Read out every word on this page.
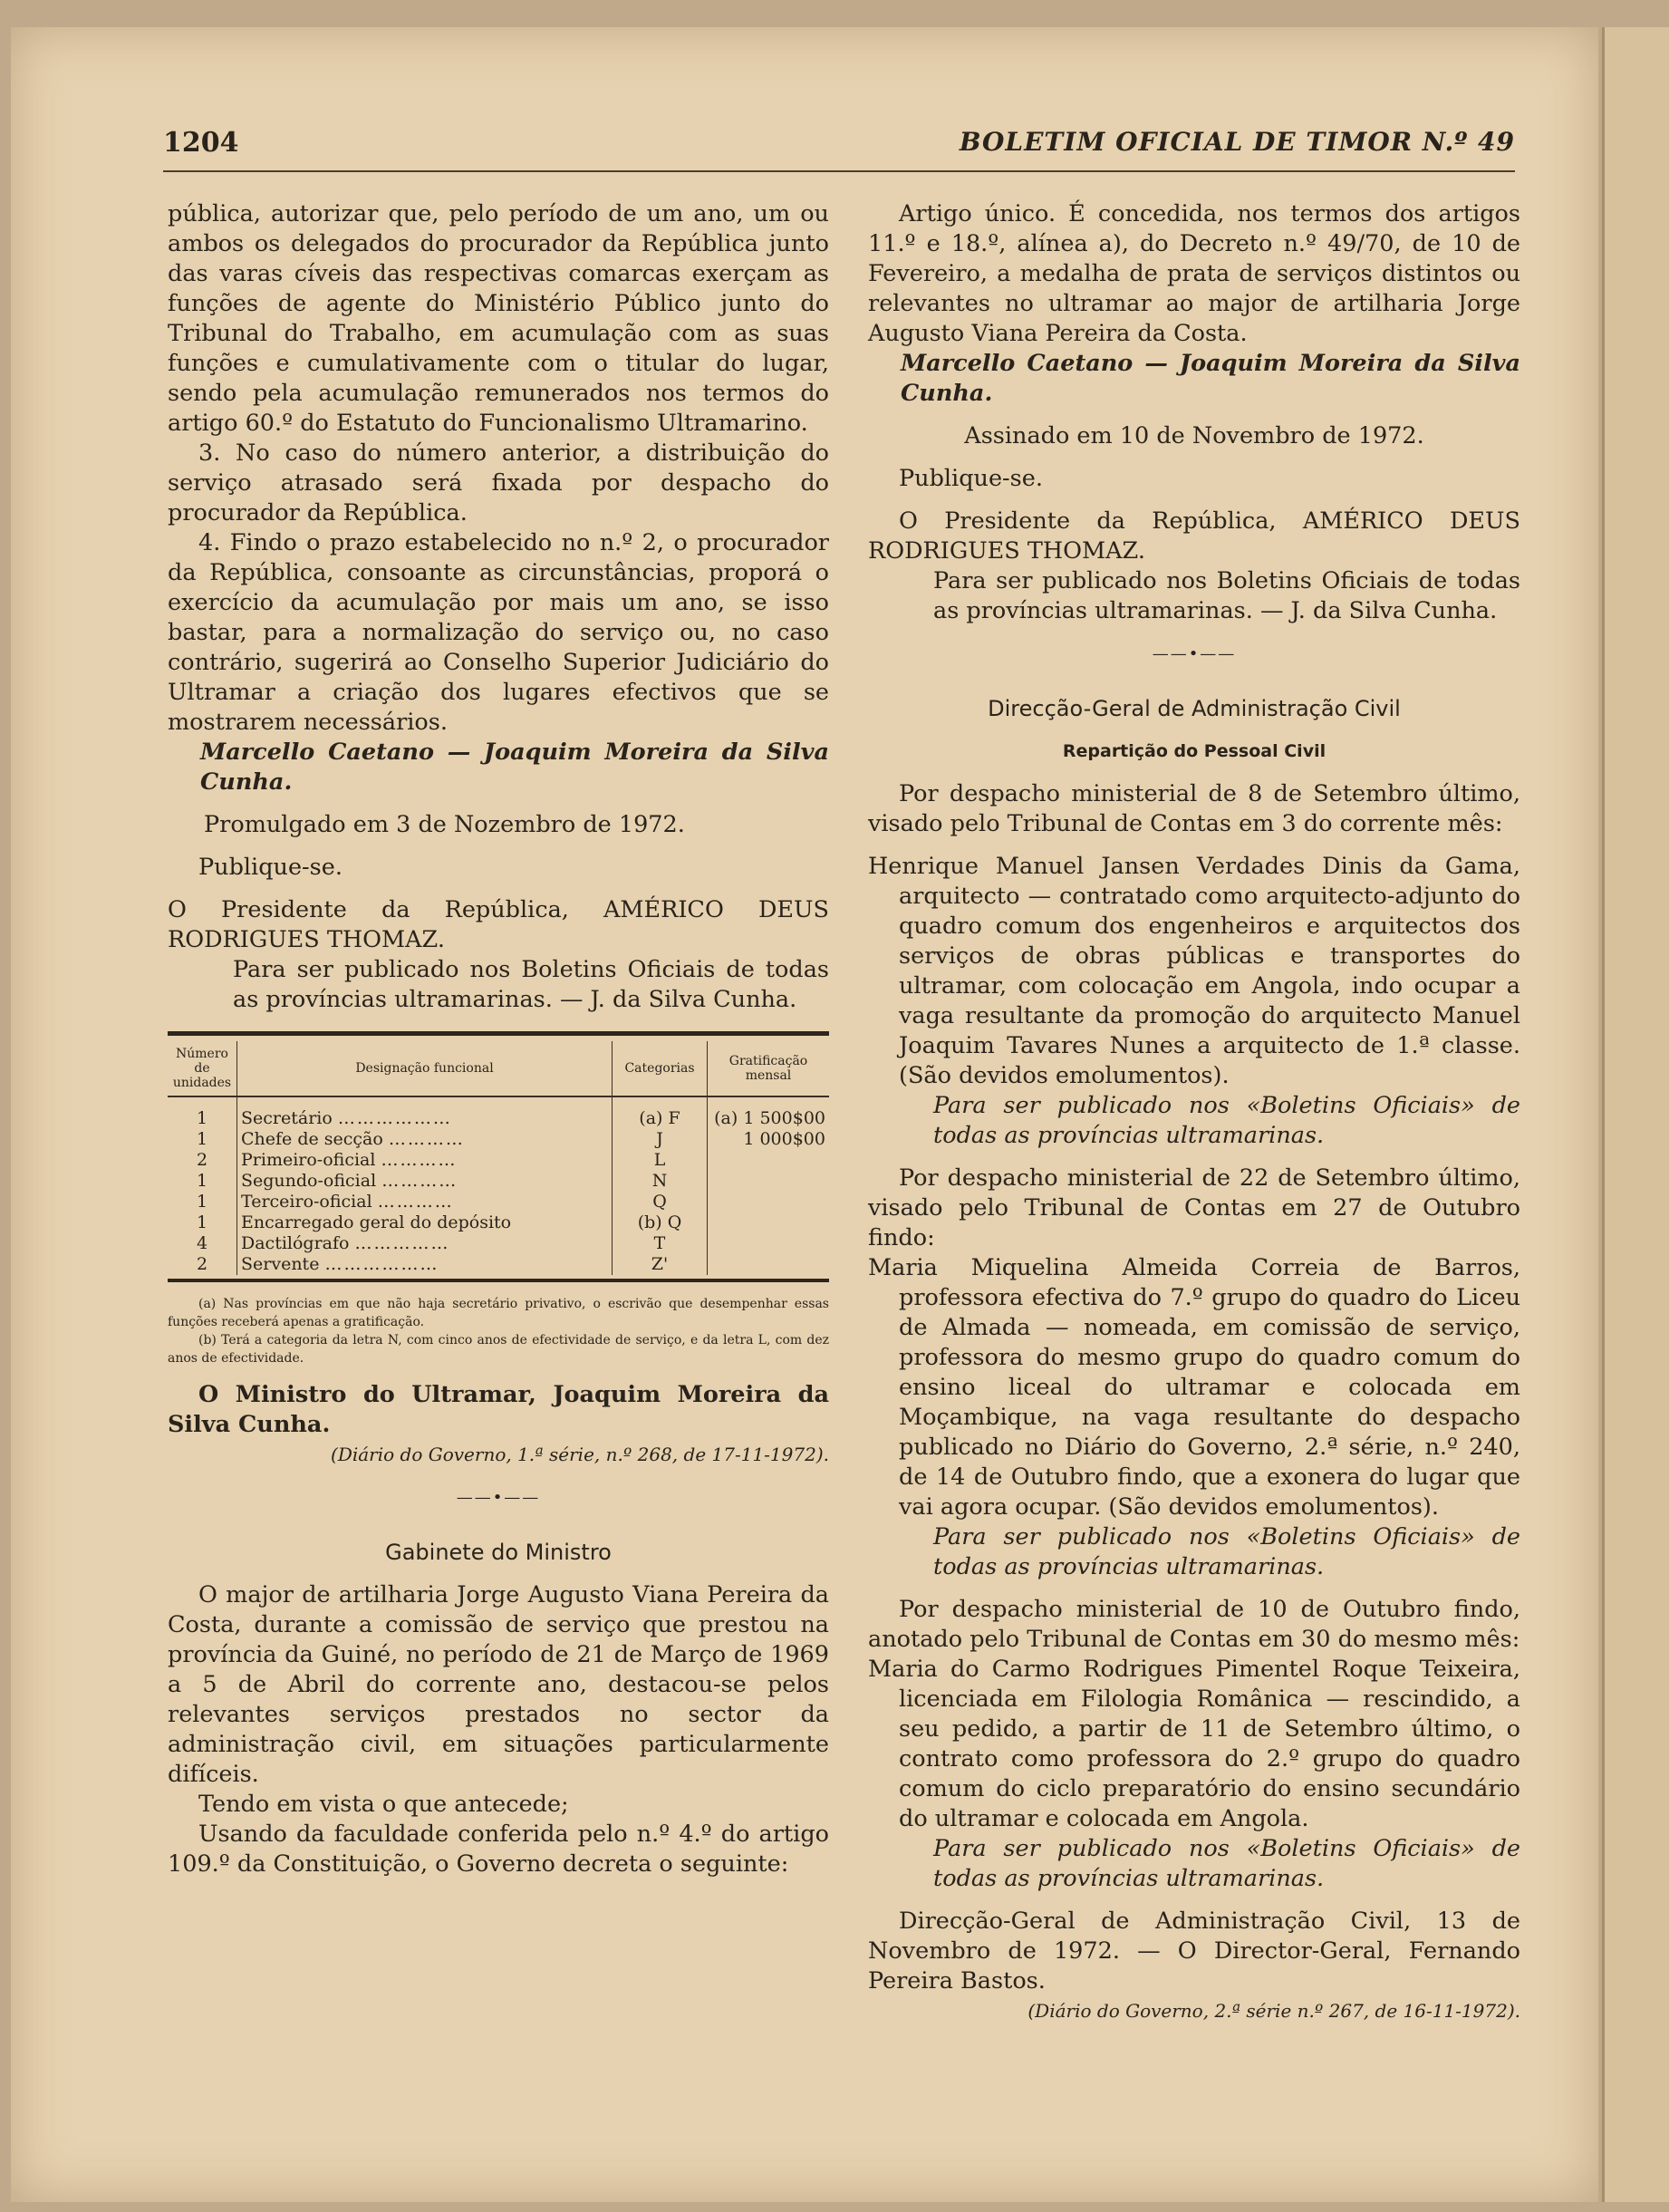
1204	BOLETIM OFICIAL DE TIMOR N.º 49

pública, autorizar que, pelo período de um ano, um ou ambos os delegados do procurador da República junto das varas cíveis das respectivas comarcas exerçam as funções de agente do Ministério Público junto do Tribunal do Trabalho, em acumulação com as suas funções e cumulativamente com o titular do lugar, sendo pela acumulação remunerados nos termos do artigo 60.º do Estatuto do Funcionalismo Ultramarino.

3. No caso do número anterior, a distribuição do serviço atrasado será fixada por despacho do procurador da República.

4. Findo o prazo estabelecido no n.º 2, o procurador da República, consoante as circunstâncias, proporá o exercício da acumulação por mais um ano, se isso bastar, para a normalização do serviço ou, no caso contrário, sugerirá ao Conselho Superior Judiciário do Ultramar a criação dos lugares efectivos que se mostrarem necessários.

Marcello Caetano — Joaquim Moreira da Silva Cunha.

Promulgado em 3 de Nozembro de 1972.

Publique-se.

O Presidente da República, AMÉRICO DEUS RODRIGUES THOMAZ.

Para ser publicado nos Boletins Oficiais de todas as províncias ultramarinas. — J. da Silva Cunha.

Número de unidades	Designação funcional	Categorias	Gratificação mensal

1	Secretário ………………	(a) F	(a) 1 500$00
1	Chefe de secção …………	J	1 000$00
2	Primeiro-oficial …………	L	
1	Segundo-oficial …………	N	
1	Terceiro-oficial …………	Q	
1	Encarregado geral do depósito	(b) Q	
4	Dactilógrafo ……………	T	
2	Servente ………………	Z'	

(a) Nas províncias em que não haja secretário privativo, o escrivão que desempenhar essas funções receberá apenas a gratificação.

(b) Terá a categoria da letra N, com cinco anos de efectividade de serviço, e da letra L, com dez anos de efectividade.

O Ministro do Ultramar, Joaquim Moreira da Silva Cunha.

(Diário do Governo, 1.ª série, n.º 268, de 17-11-1972).

——•——
Gabinete do Ministro

O major de artilharia Jorge Augusto Viana Pereira da Costa, durante a comissão de serviço que prestou na província da Guiné, no período de 21 de Março de 1969 a 5 de Abril do corrente ano, destacou-se pelos relevantes serviços prestados no sector da administração civil, em situações particularmente difíceis.

Tendo em vista o que antecede;

Usando da faculdade conferida pelo n.º 4.º do artigo 109.º da Constituição, o Governo decreta o seguinte:

Artigo único. É concedida, nos termos dos artigos 11.º e 18.º, alínea a), do Decreto n.º 49/70, de 10 de Fevereiro, a medalha de prata de serviços distintos ou relevantes no ultramar ao major de artilharia Jorge Augusto Viana Pereira da Costa.

Marcello Caetano — Joaquim Moreira da Silva Cunha.

Assinado em 10 de Novembro de 1972.

Publique-se.

O Presidente da República, AMÉRICO DEUS RODRIGUES THOMAZ.

Para ser publicado nos Boletins Oficiais de todas as províncias ultramarinas. — J. da Silva Cunha.

——•——
Direcção-Geral de Administração Civil
Repartição do Pessoal Civil

Por despacho ministerial de 8 de Setembro último, visado pelo Tribunal de Contas em 3 do corrente mês:

Henrique Manuel Jansen Verdades Dinis da Gama, arquitecto — contratado como arquitecto-adjunto do quadro comum dos engenheiros e arquitectos dos serviços de obras públicas e transportes do ultramar, com colocação em Angola, indo ocupar a vaga resultante da promoção do arquitecto Manuel Joaquim Tavares Nunes a arquitecto de 1.ª classe. (São devidos emolumentos).

Para ser publicado nos «Boletins Oficiais» de todas as províncias ultramarinas.

Por despacho ministerial de 22 de Setembro último, visado pelo Tribunal de Contas em 27 de Outubro findo:

Maria Miquelina Almeida Correia de Barros, professora efectiva do 7.º grupo do quadro do Liceu de Almada — nomeada, em comissão de serviço, professora do mesmo grupo do quadro comum do ensino liceal do ultramar e colocada em Moçambique, na vaga resultante do despacho publicado no Diário do Governo, 2.ª série, n.º 240, de 14 de Outubro findo, que a exonera do lugar que vai agora ocupar. (São devidos emolumentos).

Para ser publicado nos «Boletins Oficiais» de todas as províncias ultramarinas.

Por despacho ministerial de 10 de Outubro findo, anotado pelo Tribunal de Contas em 30 do mesmo mês:

Maria do Carmo Rodrigues Pimentel Roque Teixeira, licenciada em Filologia Românica — rescindido, a seu pedido, a partir de 11 de Setembro último, o contrato como professora do 2.º grupo do quadro comum do ciclo preparatório do ensino secundário do ultramar e colocada em Angola.

Para ser publicado nos «Boletins Oficiais» de todas as províncias ultramarinas.

Direcção-Geral de Administração Civil, 13 de Novembro de 1972. — O Director-Geral, Fernando Pereira Bastos.

(Diário do Governo, 2.ª série n.º 267, de 16-11-1972).
